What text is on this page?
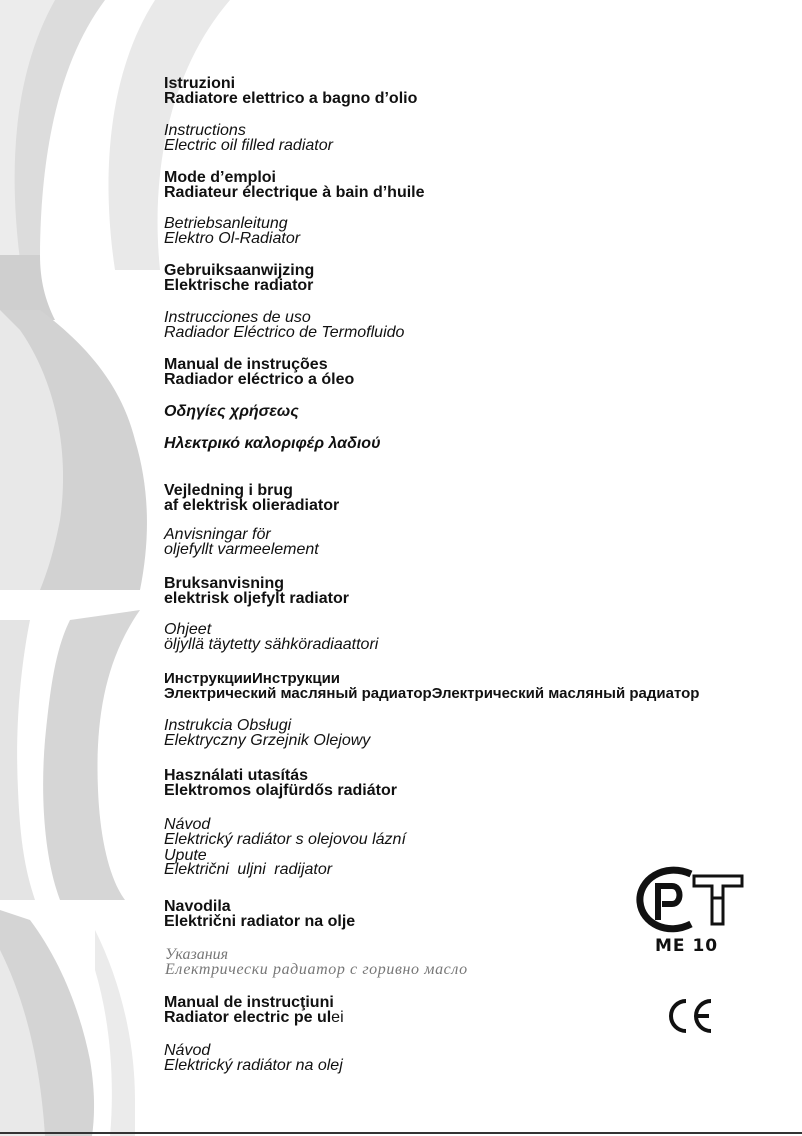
Istruzioni
Radiatore elettrico a bagno d’olio
Instructions
Electric oil filled radiator
Mode d’emploi
Radiateur électrique à bain d’huile
Betriebsanleitung
Elektro Ol-Radiator
Gebruiksaanwijzing
Elektrische radiator
Instrucciones de uso
Radiador Eléctrico de Termofluido
Manual de instruções
Radiador eléctrico a óleo
Οδηγίες χρήσεως
Ηλεκτρικό καλοριφέρ λαδιού
Vejledning i brug
af elektrisk olieradiator
Anvisningar för
oljefyllt varmeelement
Bruksanvisning
elektrisk oljefylt radiator
Ohjeet
öljyllä täytetty sähköradiaattori
ИнструкцииИнструкции
Электрический масляный радиаторЭлектрический масляный радиатор
Instrukcia Obsługi
Elektryczny Grzejnik Olejowy
Használati utasítás
Elektromos olajfürdős radiátor
Návod
Elektrický radiátor s olejovou lázní
Upute
Električni uljni radijator
Navodila
Električni radiator na olje
Указания
Електрически радиатор с горивно масло
Manual de instrucţiuni
Radiator electric pe ulei
Návod
Elektrický radiátor na olej
ME 10
